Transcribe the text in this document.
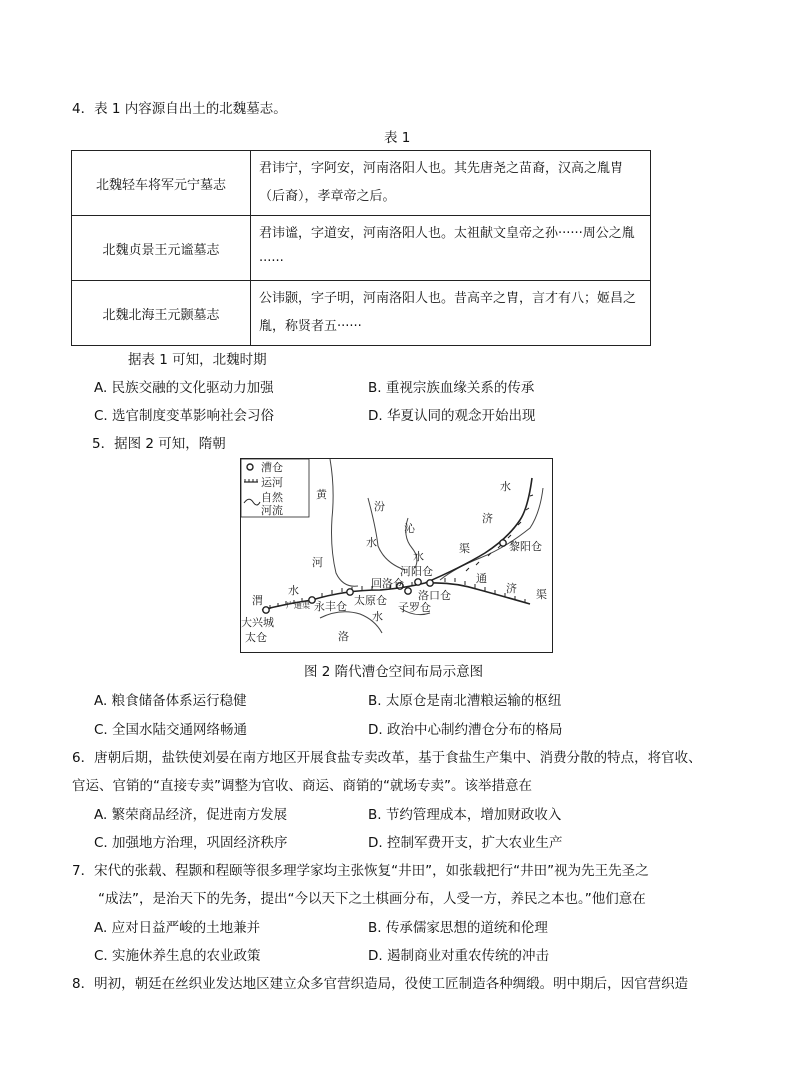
4．表 1 内容源自出土的北魏墓志。
表 1
北魏轻车将军元宁墓志	君讳宁，字阿安，河南洛阳人也。其先唐尧之苗裔，汉高之胤胄（后裔），孝章帝之后。
北魏贞景王元谧墓志	君讳谧，字道安，河南洛阳人也。太祖献文皇帝之孙······周公之胤······
北魏北海王元颢墓志	公讳颢，字子明，河南洛阳人也。昔高辛之胄，言才有八；姬昌之胤，称贤者五······
据表 1 可知，北魏时期
A. 民族交融的文化驱动力加强	B. 重视宗族血缘关系的传承
C. 选官制度变革影响社会习俗	D. 华夏认同的观念开始出现
5．据图 2 可知，隋朝
漕仓
运河
自然
河流
黄
河
汾
水
沁
水
水
济
渠	黎阳仓
河阳仓
回洛仓
洛口仓
子罗仓
太原仓
永丰仓
广通渠
渭
水
大兴城
太仓	洛
水
通
济 渠
图 2 隋代漕仓空间布局示意图
A. 粮食储备体系运行稳健	B. 太原仓是南北漕粮运输的枢纽
C. 全国水陆交通网络畅通	D. 政治中心制约漕仓分布的格局
6．唐朝后期，盐铁使刘晏在南方地区开展食盐专卖改革，基于食盐生产集中、消费分散的特点，将官收、
官运、官销的“直接专卖”调整为官收、商运、商销的“就场专卖”。该举措意在
A. 繁荣商品经济，促进南方发展	B. 节约管理成本，增加财政收入
C. 加强地方治理，巩固经济秩序	D. 控制军费开支，扩大农业生产
7．宋代的张载、程颢和程颐等很多理学家均主张恢复“井田”，如张载把行“井田”视为先王先圣之
“成法”，是治天下的先务，提出“今以天下之土棋画分布，人受一方，养民之本也。”他们意在
A. 应对日益严峻的土地兼并	B. 传承儒家思想的道统和伦理
C. 实施休养生息的农业政策	D. 遏制商业对重农传统的冲击
8．明初，朝廷在丝织业发达地区建立众多官营织造局，役使工匠制造各种绸缎。明中期后，因官营织造
